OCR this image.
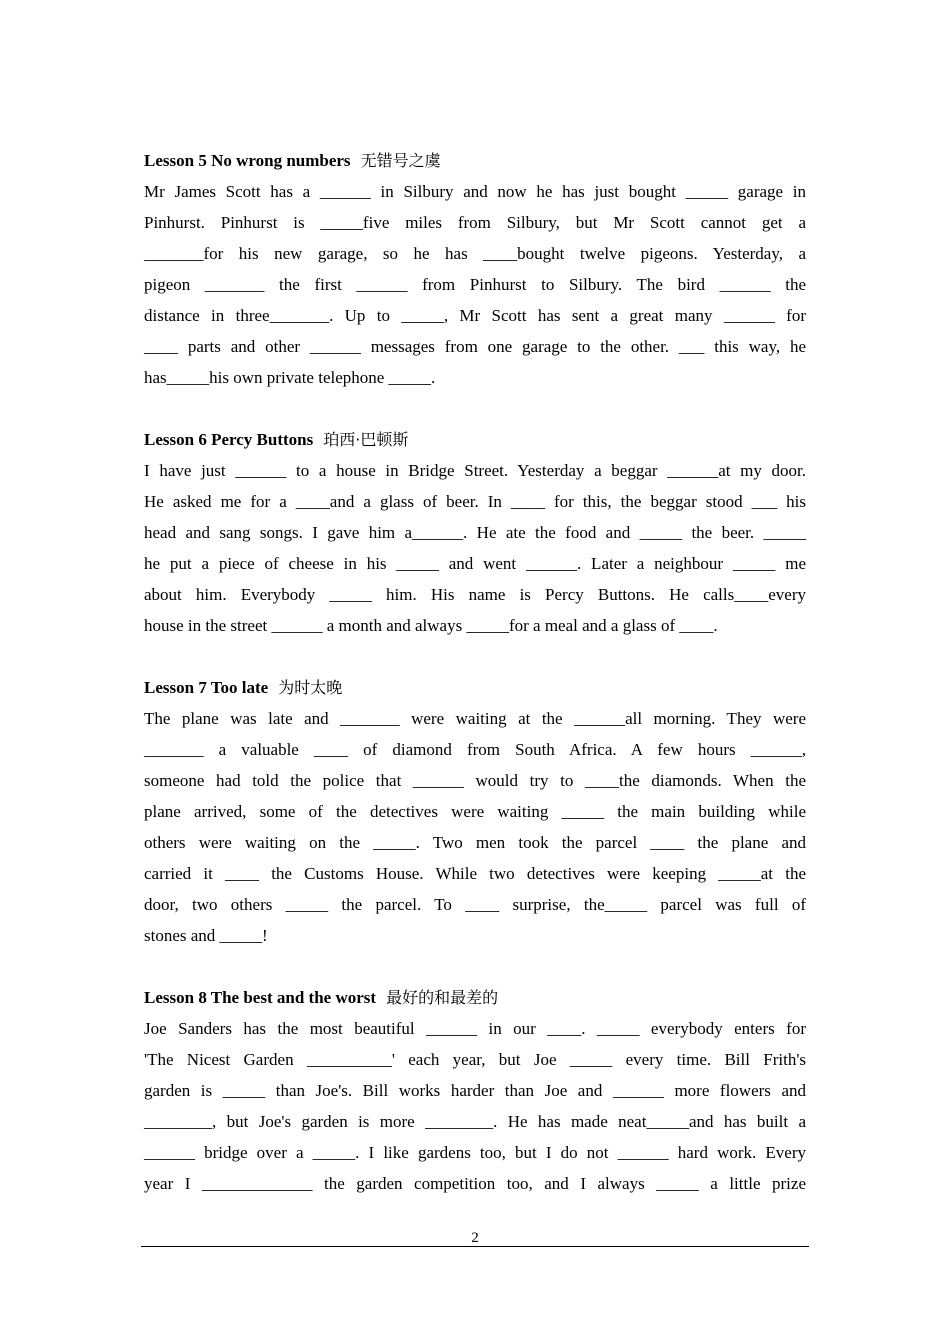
Lesson 5 No wrong numbers 无错号之虞
Mr James Scott has a ______ in Silbury and now he has just bought _____ garage in
Pinhurst. Pinhurst is _____five miles from Silbury, but Mr Scott cannot get a
_______for his new garage, so he has ____bought twelve pigeons. Yesterday, a
pigeon _______ the first ______ from Pinhurst to Silbury. The bird ______ the
distance in three_______. Up to _____, Mr Scott has sent a great many ______ for
____ parts and other ______ messages from one garage to the other. ___ this way, he
has_____his own private telephone _____.
Lesson 6 Percy Buttons 珀西·巴顿斯
I have just ______ to a house in Bridge Street. Yesterday a beggar ______at my door.
He asked me for a ____and a glass of beer. In ____ for this, the beggar stood ___ his
head and sang songs. I gave him a______. He ate the food and _____ the beer. _____
he put a piece of cheese in his _____ and went ______. Later a neighbour _____ me
about him. Everybody _____ him. His name is Percy Buttons. He calls____every
house in the street ______ a month and always _____for a meal and a glass of ____.
Lesson 7 Too late 为时太晚
The plane was late and _______ were waiting at the ______all morning. They were
_______ a valuable ____ of diamond from South Africa. A few hours ______,
someone had told the police that ______ would try to ____the diamonds. When the
plane arrived, some of the detectives were waiting _____ the main building while
others were waiting on the _____. Two men took the parcel ____ the plane and
carried it ____ the Customs House. While two detectives were keeping _____at the
door, two others _____ the parcel. To ____ surprise, the_____ parcel was full of
stones and _____!
Lesson 8 The best and the worst 最好的和最差的
Joe Sanders has the most beautiful ______ in our ____. _____ everybody enters for
'The Nicest Garden __________' each year, but Joe _____ every time. Bill Frith's
garden is _____ than Joe's. Bill works harder than Joe and ______ more flowers and
________, but Joe's garden is more ________. He has made neat_____and has built a
______ bridge over a _____. I like gardens too, but I do not ______ hard work. Every
year I _____________ the garden competition too, and I always _____ a little prize
2
